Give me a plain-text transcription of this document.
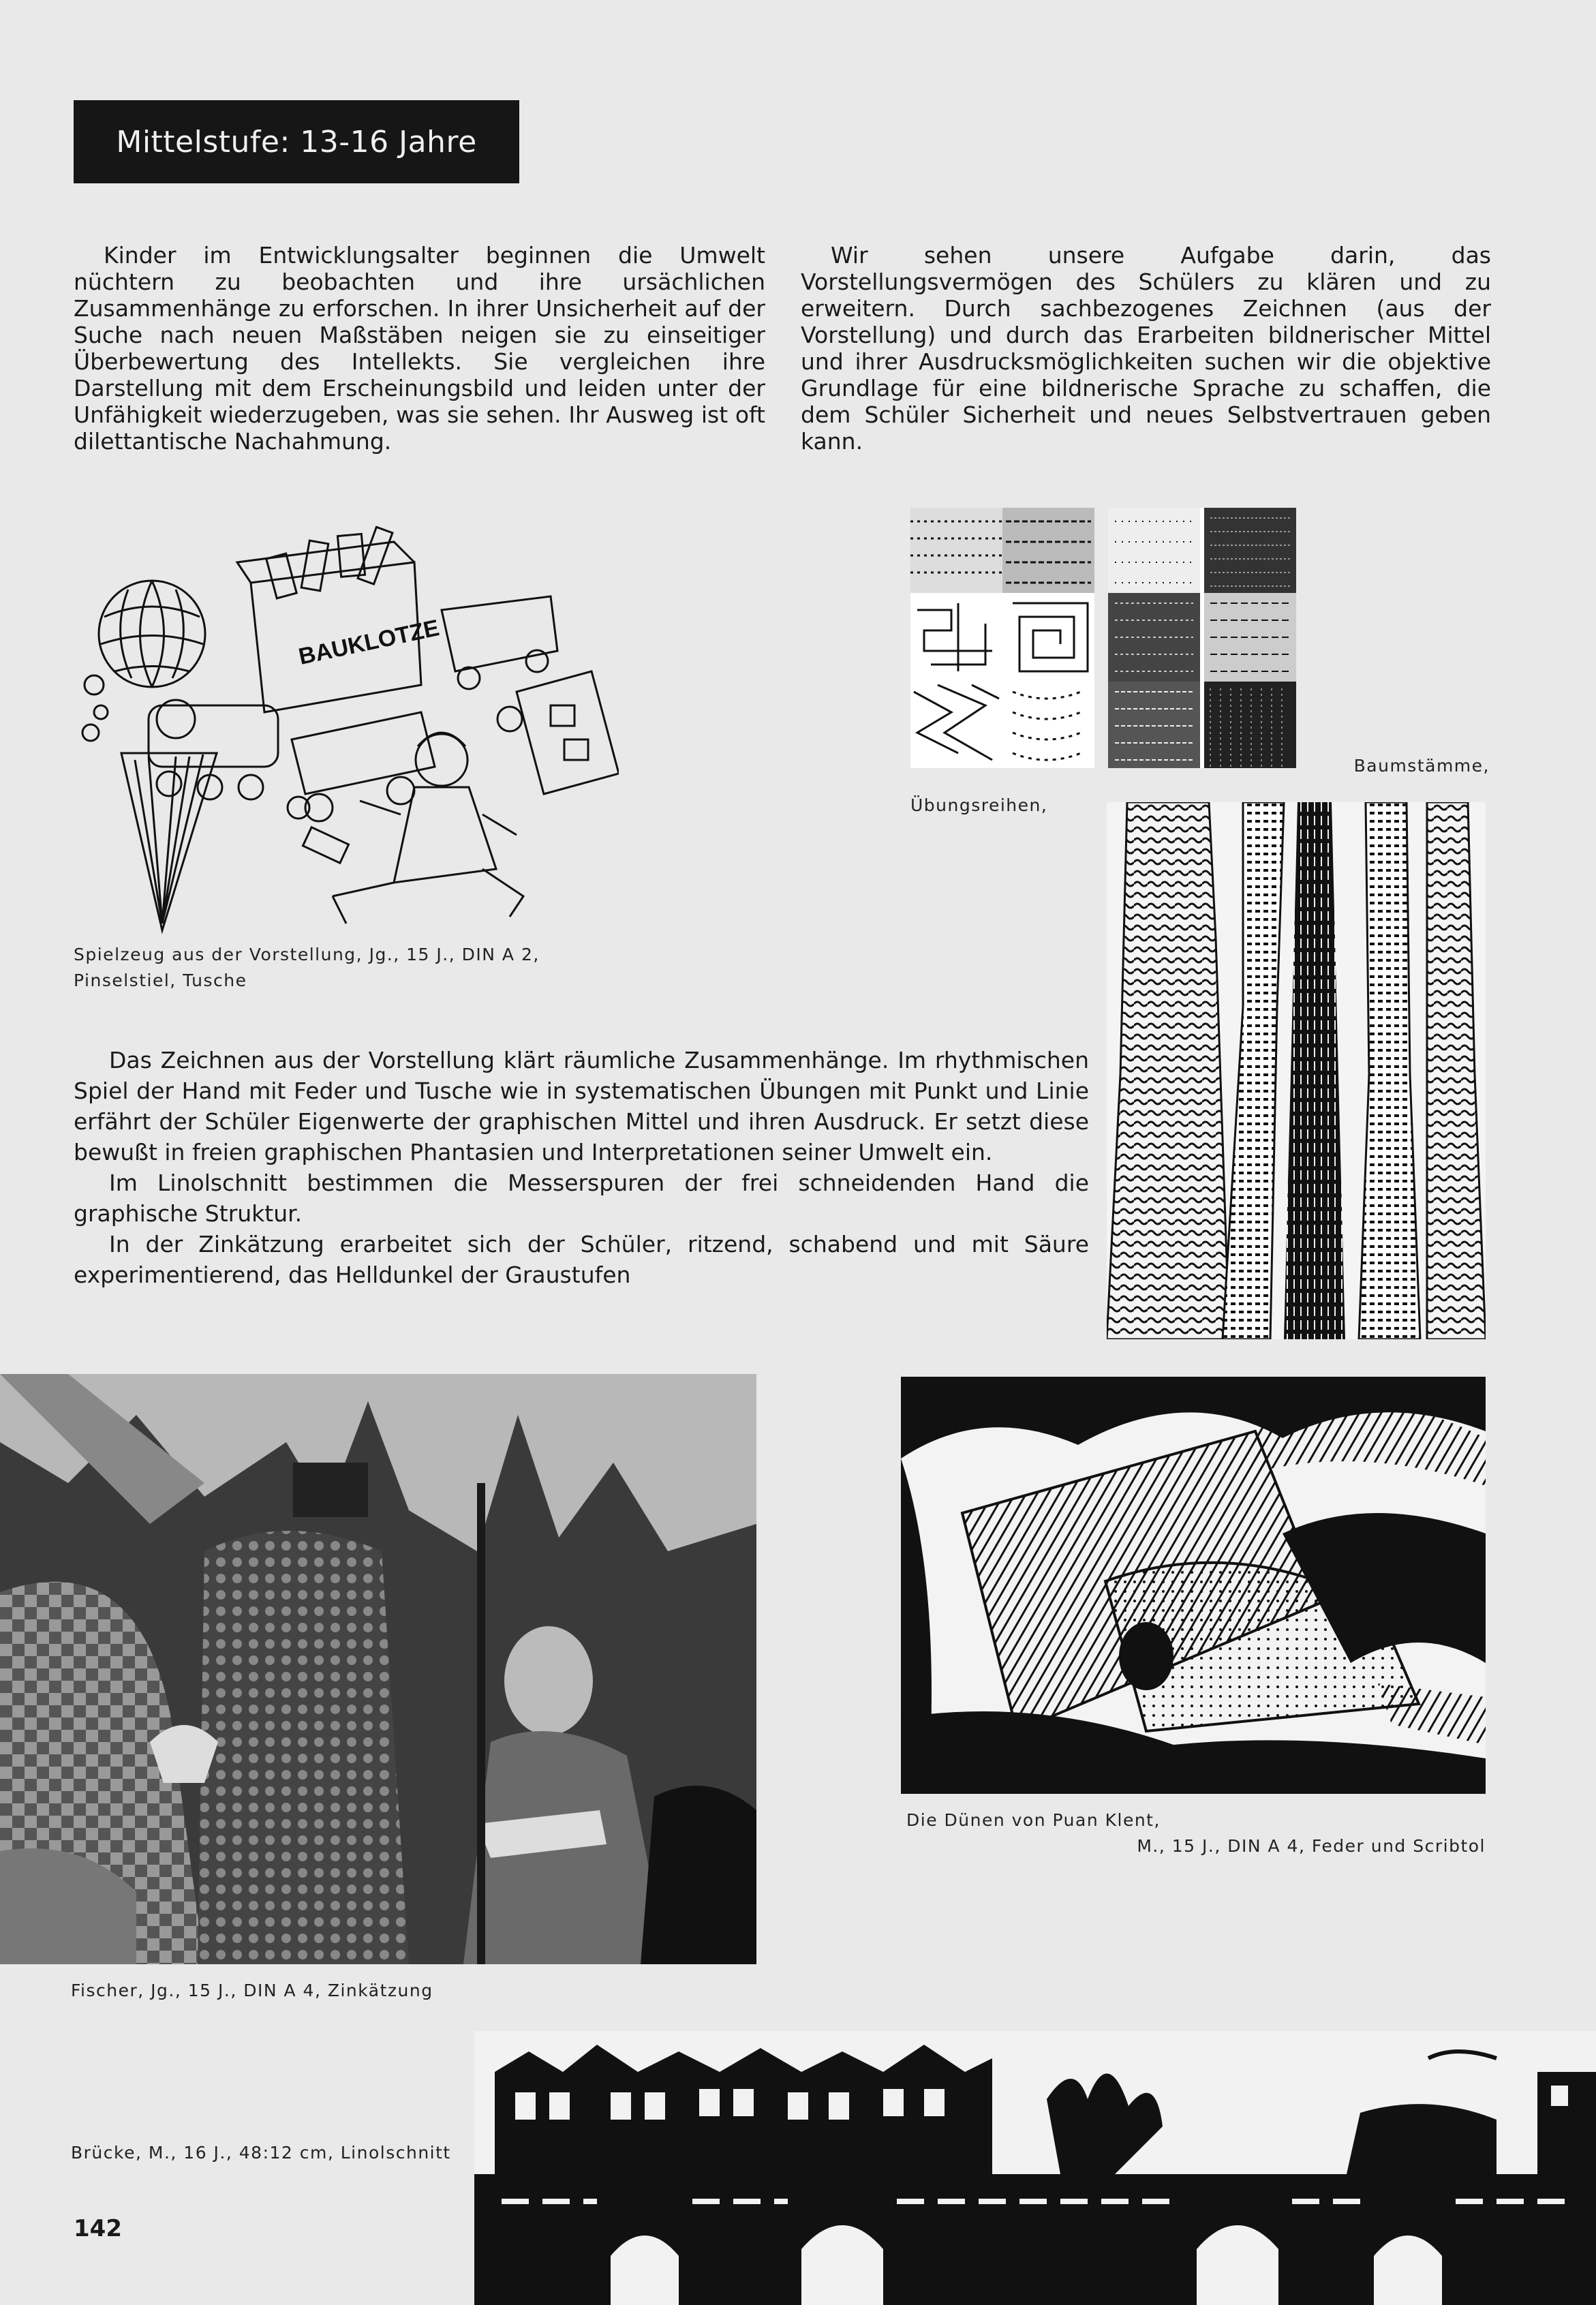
Mittelstufe: 13-16 Jahre

Kinder im Entwicklungsalter beginnen die Umwelt nüchtern zu beobachten und ihre ursächlichen Zusammenhänge zu erforschen. In ihrer Unsicherheit auf der Suche nach neuen Maßstäben neigen sie zu einseitiger Überbewertung des Intellekts. Sie vergleichen ihre Darstellung mit dem Erscheinungsbild und leiden unter der Unfähigkeit wiederzugeben, was sie sehen. Ihr Ausweg ist oft dilettantische Nachahmung.

Wir sehen unsere Aufgabe darin, das Vorstellungsvermögen des Schülers zu klären und zu erweitern. Durch sachbezogenes Zeichnen (aus der Vorstellung) und durch das Erarbeiten bildnerischer Mittel und ihrer Ausdrucksmöglichkeiten suchen wir die objektive Grundlage für eine bildnerische Sprache zu schaffen, die dem Schüler Sicherheit und neues Selbstvertrauen geben kann.

BAUKLOTZE

Spielzeug aus der Vorstellung, Jg., 15 J., DIN A 2,
Pinselstiel, Tusche

Baumstämme,

Übungsreihen,

Das Zeichnen aus der Vorstellung klärt räumliche Zusammenhänge. Im rhythmischen Spiel der Hand mit Feder und Tusche wie in systematischen Übungen mit Punkt und Linie erfährt der Schüler Eigenwerte der graphischen Mittel und ihren Ausdruck. Er setzt diese bewußt in freien graphischen Phantasien und Interpretationen seiner Umwelt ein.

Im Linolschnitt bestimmen die Messerspuren der frei schneidenden Hand die graphische Struktur.

In der Zinkätzung erarbeitet sich der Schüler, ritzend, schabend und mit Säure experimentierend, das Helldunkel der Graustufen

Fischer, Jg., 15 J., DIN A 4, Zinkätzung

Die Dünen von Puan Klent,

M., 15 J., DIN A 4, Feder und Scribtol

Brücke, M., 16 J., 48:12 cm, Linolschnitt

142
